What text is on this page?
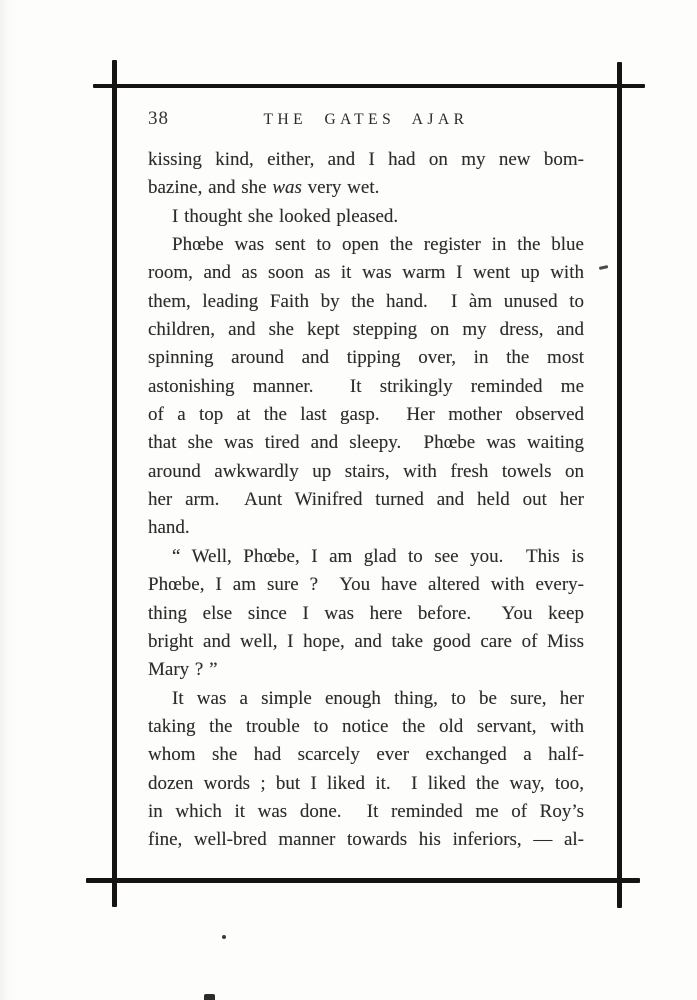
38	THE GATES AJAR
kissing kind, either, and I had on my new bom-
bazine, and she was very wet.
I thought she looked pleased.
Phœbe was sent to open the register in the blue
room, and as soon as it was warm I went up with
them, leading Faith by the hand.  I àm unused to
children, and she kept stepping on my dress, and
spinning around and tipping over, in the most
astonishing manner.  It strikingly reminded me
of a top at the last gasp.  Her mother observed
that she was tired and sleepy.  Phœbe was waiting
around awkwardly up stairs, with fresh towels on
her arm.  Aunt Winifred turned and held out her
hand.
“ Well, Phœbe, I am glad to see you.  This is
Phœbe, I am sure ?  You have altered with every-
thing else since I was here before.  You keep
bright and well, I hope, and take good care of Miss
Mary ? ”
It was a simple enough thing, to be sure, her
taking the trouble to notice the old servant, with
whom she had scarcely ever exchanged a half-
dozen words ; but I liked it.  I liked the way, too,
in which it was done.  It reminded me of Roy’s
fine, well-bred manner towards his inferiors, — al-
